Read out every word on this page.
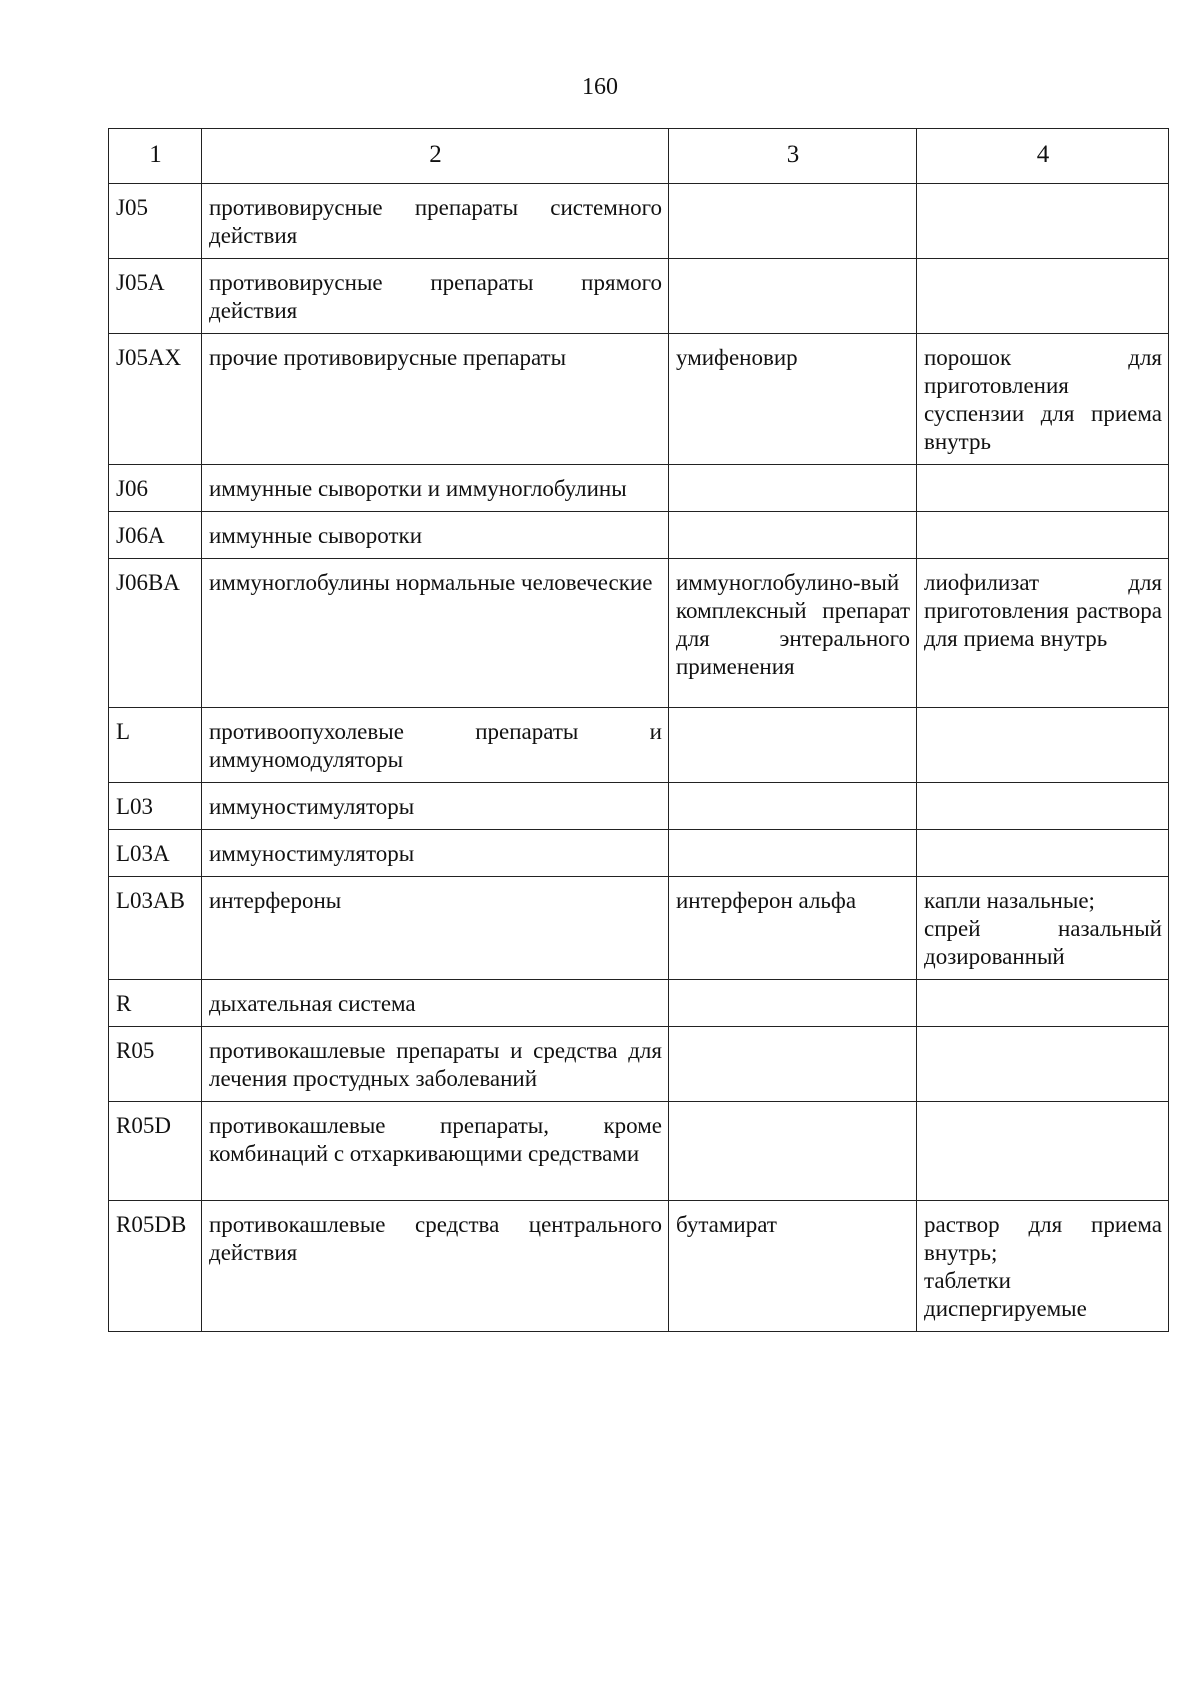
160
1	2	3	4
J05	противовирусные препараты системного действия		
J05A	противовирусные препараты прямого действия		
J05AX	прочие противовирусные препараты	умифеновир	порошок для приготовления суспензии для приема внутрь
J06	иммунные сыворотки и иммуноглобулины		
J06A	иммунные сыворотки		
J06BA	иммуноглобулины нормальные человеческие	иммуноглобулино-вый комплексный препарат для энтерального применения	лиофилизат для приготовления раствора для приема внутрь
L	противоопухолевые препараты и иммуномодуляторы		
L03	иммуностимуляторы		
L03A	иммуностимуляторы		
L03AB	интерфероны	интерферон альфа	капли назальные;
спрей назальный дозированный
R	дыхательная система		
R05	противокашлевые препараты и средства для лечения простудных заболеваний		
R05D	противокашлевые препараты, кроме комбинаций с отхаркивающими средствами		
R05DB	противокашлевые средства центрального действия	бутамират	раствор для приема внутрь;
таблетки диспергируемые
